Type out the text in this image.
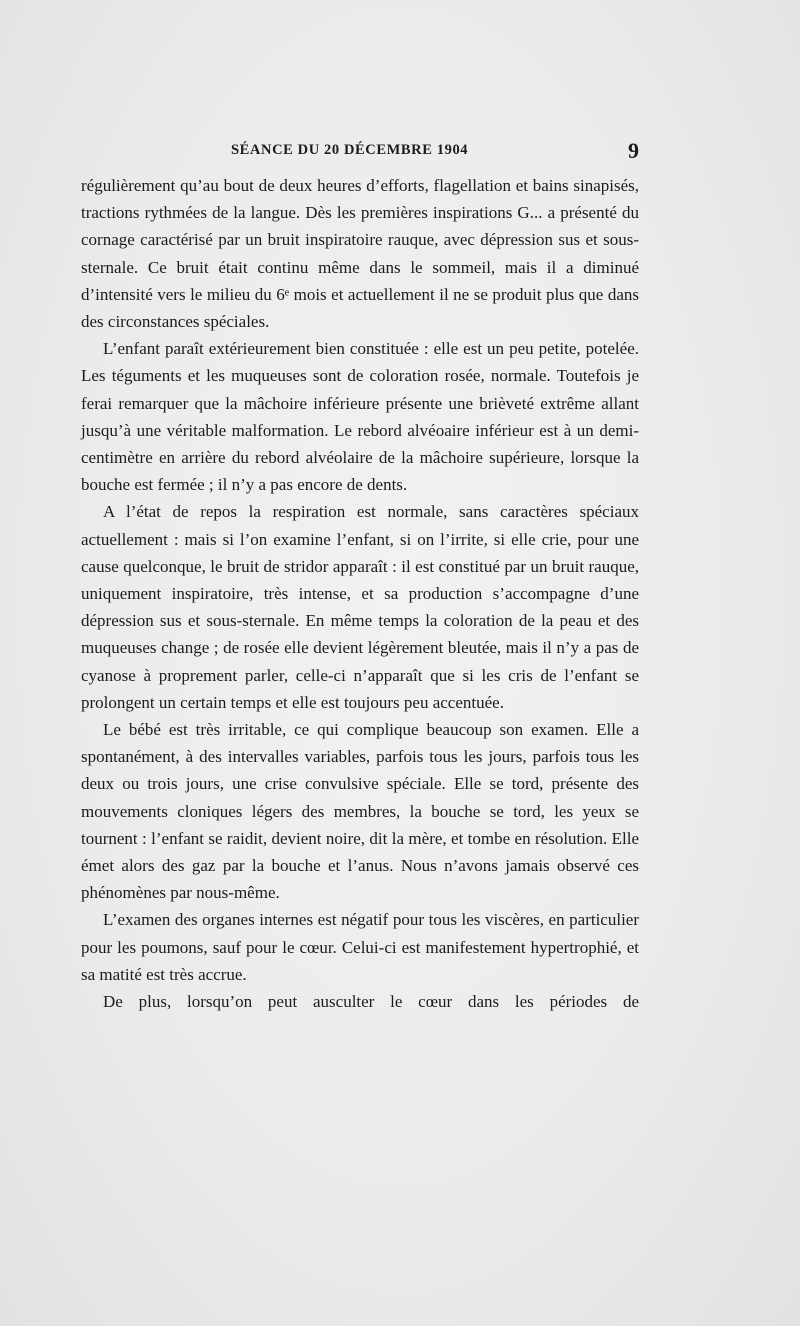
SÉANCE DU 20 DÉCEMBRE 1904	9

régulièrement qu’au bout de deux heures d’efforts, flagellation et bains sinapisés, tractions rythmées de la langue. Dès les premières inspirations G... a présenté du cornage caractérisé par un bruit inspiratoire rauque, avec dépression sus et sous-sternale. Ce bruit était continu même dans le sommeil, mais il a diminué d’intensité vers le milieu du 6ᵉ mois et actuellement il ne se produit plus que dans des circonstances spéciales.

L’enfant paraît extérieurement bien constituée : elle est un peu petite, potelée. Les téguments et les muqueuses sont de coloration rosée, normale. Toutefois je ferai remarquer que la mâchoire inférieure présente une brièveté extrême allant jusqu’à une véritable malformation. Le rebord alvéoaire inférieur est à un demi-centimètre en arrière du rebord alvéolaire de la mâchoire supérieure, lorsque la bouche est fermée ; il n’y a pas encore de dents.

A l’état de repos la respiration est normale, sans caractères spéciaux actuellement : mais si l’on examine l’enfant, si on l’irrite, si elle crie, pour une cause quelconque, le bruit de stridor apparaît : il est constitué par un bruit rauque, uniquement inspiratoire, très intense, et sa production s’accompagne d’une dépression sus et sous-sternale. En même temps la coloration de la peau et des muqueuses change ; de rosée elle devient légèrement bleutée, mais il n’y a pas de cyanose à proprement parler, celle-ci n’apparaît que si les cris de l’enfant se prolongent un certain temps et elle est toujours peu accentuée.

Le bébé est très irritable, ce qui complique beaucoup son examen. Elle a spontanément, à des intervalles variables, parfois tous les jours, parfois tous les deux ou trois jours, une crise convulsive spéciale. Elle se tord, présente des mouvements cloniques légers des membres, la bouche se tord, les yeux se tournent : l’enfant se raidit, devient noire, dit la mère, et tombe en résolution. Elle émet alors des gaz par la bouche et l’anus. Nous n’avons jamais observé ces phénomènes par nous-même.

L’examen des organes internes est négatif pour tous les viscères, en particulier pour les poumons, sauf pour le cœur. Celui-ci est manifestement hypertrophié, et sa matité est très accrue.

De plus, lorsqu’on peut ausculter le cœur dans les périodes de
